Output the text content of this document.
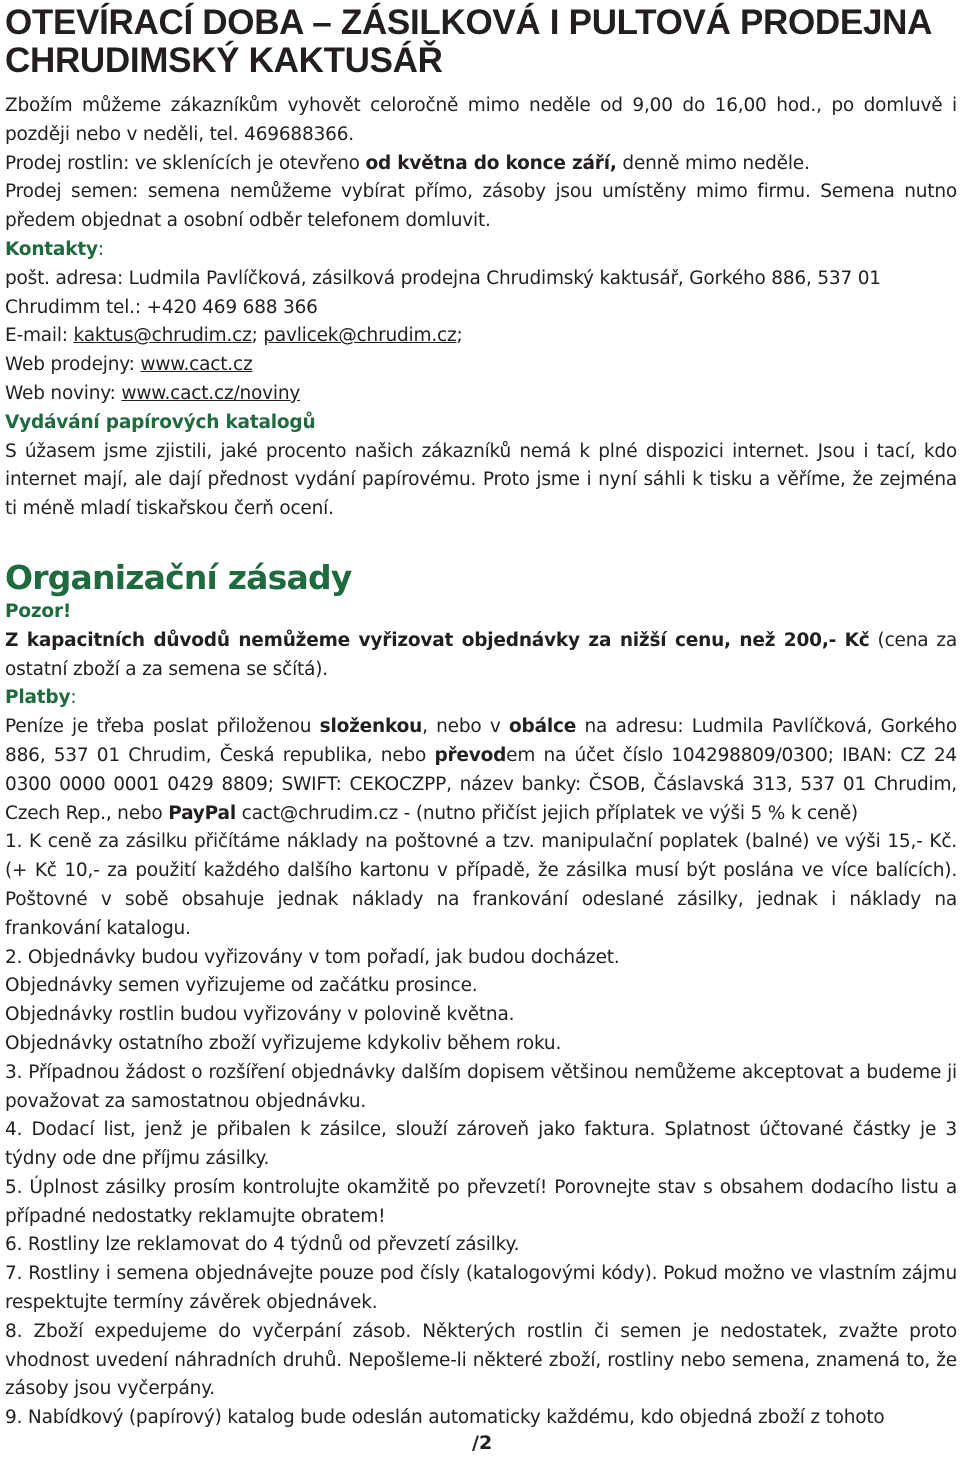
OTEVÍRACÍ DOBA – ZÁSILKOVÁ I PULTOVÁ PRODEJNA
CHRUDIMSKÝ KAKTUSÁŘ

Zbožím můžeme zákazníkům vyhovět celoročně mimo neděle od 9,00 do 16,00 hod., po domluvě i později nebo v neděli, tel. 469688366.

Prodej rostlin: ve sklenících je otevřeno od května do konce září, denně mimo neděle.

Prodej semen: semena nemůžeme vybírat přímo, zásoby jsou umístěny mimo firmu. Semena nutno předem objednat a osobní odběr telefonem domluvit.

Kontakty:

pošt. adresa: Ludmila Pavlíčková, zásilková prodejna Chrudimský kaktusář, Gorkého 886, 537 01 Chrudimm tel.: +420 469 688 366

E-mail: kaktus@chrudim.cz; pavlicek@chrudim.cz;

Web prodejny: www.cact.cz

Web noviny: www.cact.cz/noviny

Vydávání papírových katalogů

S úžasem jsme zjistili, jaké procento našich zákazníků nemá k plné dispozici internet. Jsou i tací, kdo internet mají, ale dají přednost vydání papírovému. Proto jsme i nyní sáhli k tisku a věříme, že zejména ti méně mladí tiskařskou čerň ocení.

Organizační zásady

Pozor!

Z kapacitních důvodů nemůžeme vyřizovat objednávky za nižší cenu, než 200,- Kč (cena za ostatní zboží a za semena se sčítá).

Platby:

Peníze je třeba poslat přiloženou složenkou, nebo v obálce na adresu: Ludmila Pavlíčková, Gorkého 886, 537 01 Chrudim, Česká republika, nebo převodem na účet číslo 104298809/0300; IBAN: CZ 24 0300 0000 0001 0429 8809; SWIFT: CEKOCZPP, název banky: ČSOB, Čáslavská 313, 537 01 Chrudim, Czech Rep., nebo PayPal cact@chrudim.cz - (nutno přičíst jejich příplatek ve výši 5 % k ceně)

1. K ceně za zásilku přičítáme náklady na poštovné a tzv. manipulační poplatek (balné) ve výši 15,- Kč. (+ Kč 10,- za použití každého dalšího kartonu v případě, že zásilka musí být poslána ve více balících). Poštovné v sobě obsahuje jednak náklady na frankování odeslané zásilky, jednak i náklady na frankování katalogu.

2. Objednávky budou vyřizovány v tom pořadí, jak budou docházet.

Objednávky semen vyřizujeme od začátku prosince.

Objednávky rostlin budou vyřizovány v polovině května.

Objednávky ostatního zboží vyřizujeme kdykoliv během roku.

3. Případnou žádost o rozšíření objednávky dalším dopisem většinou nemůžeme akceptovat a budeme ji považovat za samostatnou objednávku.

4. Dodací list, jenž je přibalen k zásilce, slouží zároveň jako faktura. Splatnost účtované částky je 3 týdny ode dne příjmu zásilky.

5. Úplnost zásilky prosím kontrolujte okamžitě po převzetí! Porovnejte stav s obsahem dodacího listu a případné nedostatky reklamujte obratem!

6. Rostliny lze reklamovat do 4 týdnů od převzetí zásilky.

7. Rostliny i semena objednávejte pouze pod čísly (katalogovými kódy). Pokud možno ve vlastním zájmu respektujte termíny závěrek objednávek.

8. Zboží expedujeme do vyčerpání zásob. Některých rostlin či semen je nedostatek, zvažte proto vhodnost uvedení náhradních druhů. Nepošleme-li některé zboží, rostliny nebo semena, znamená to, že zásoby jsou vyčerpány.

9. Nabídkový (papírový) katalog bude odeslán automaticky každému, kdo objedná zboží z tohoto

/2
